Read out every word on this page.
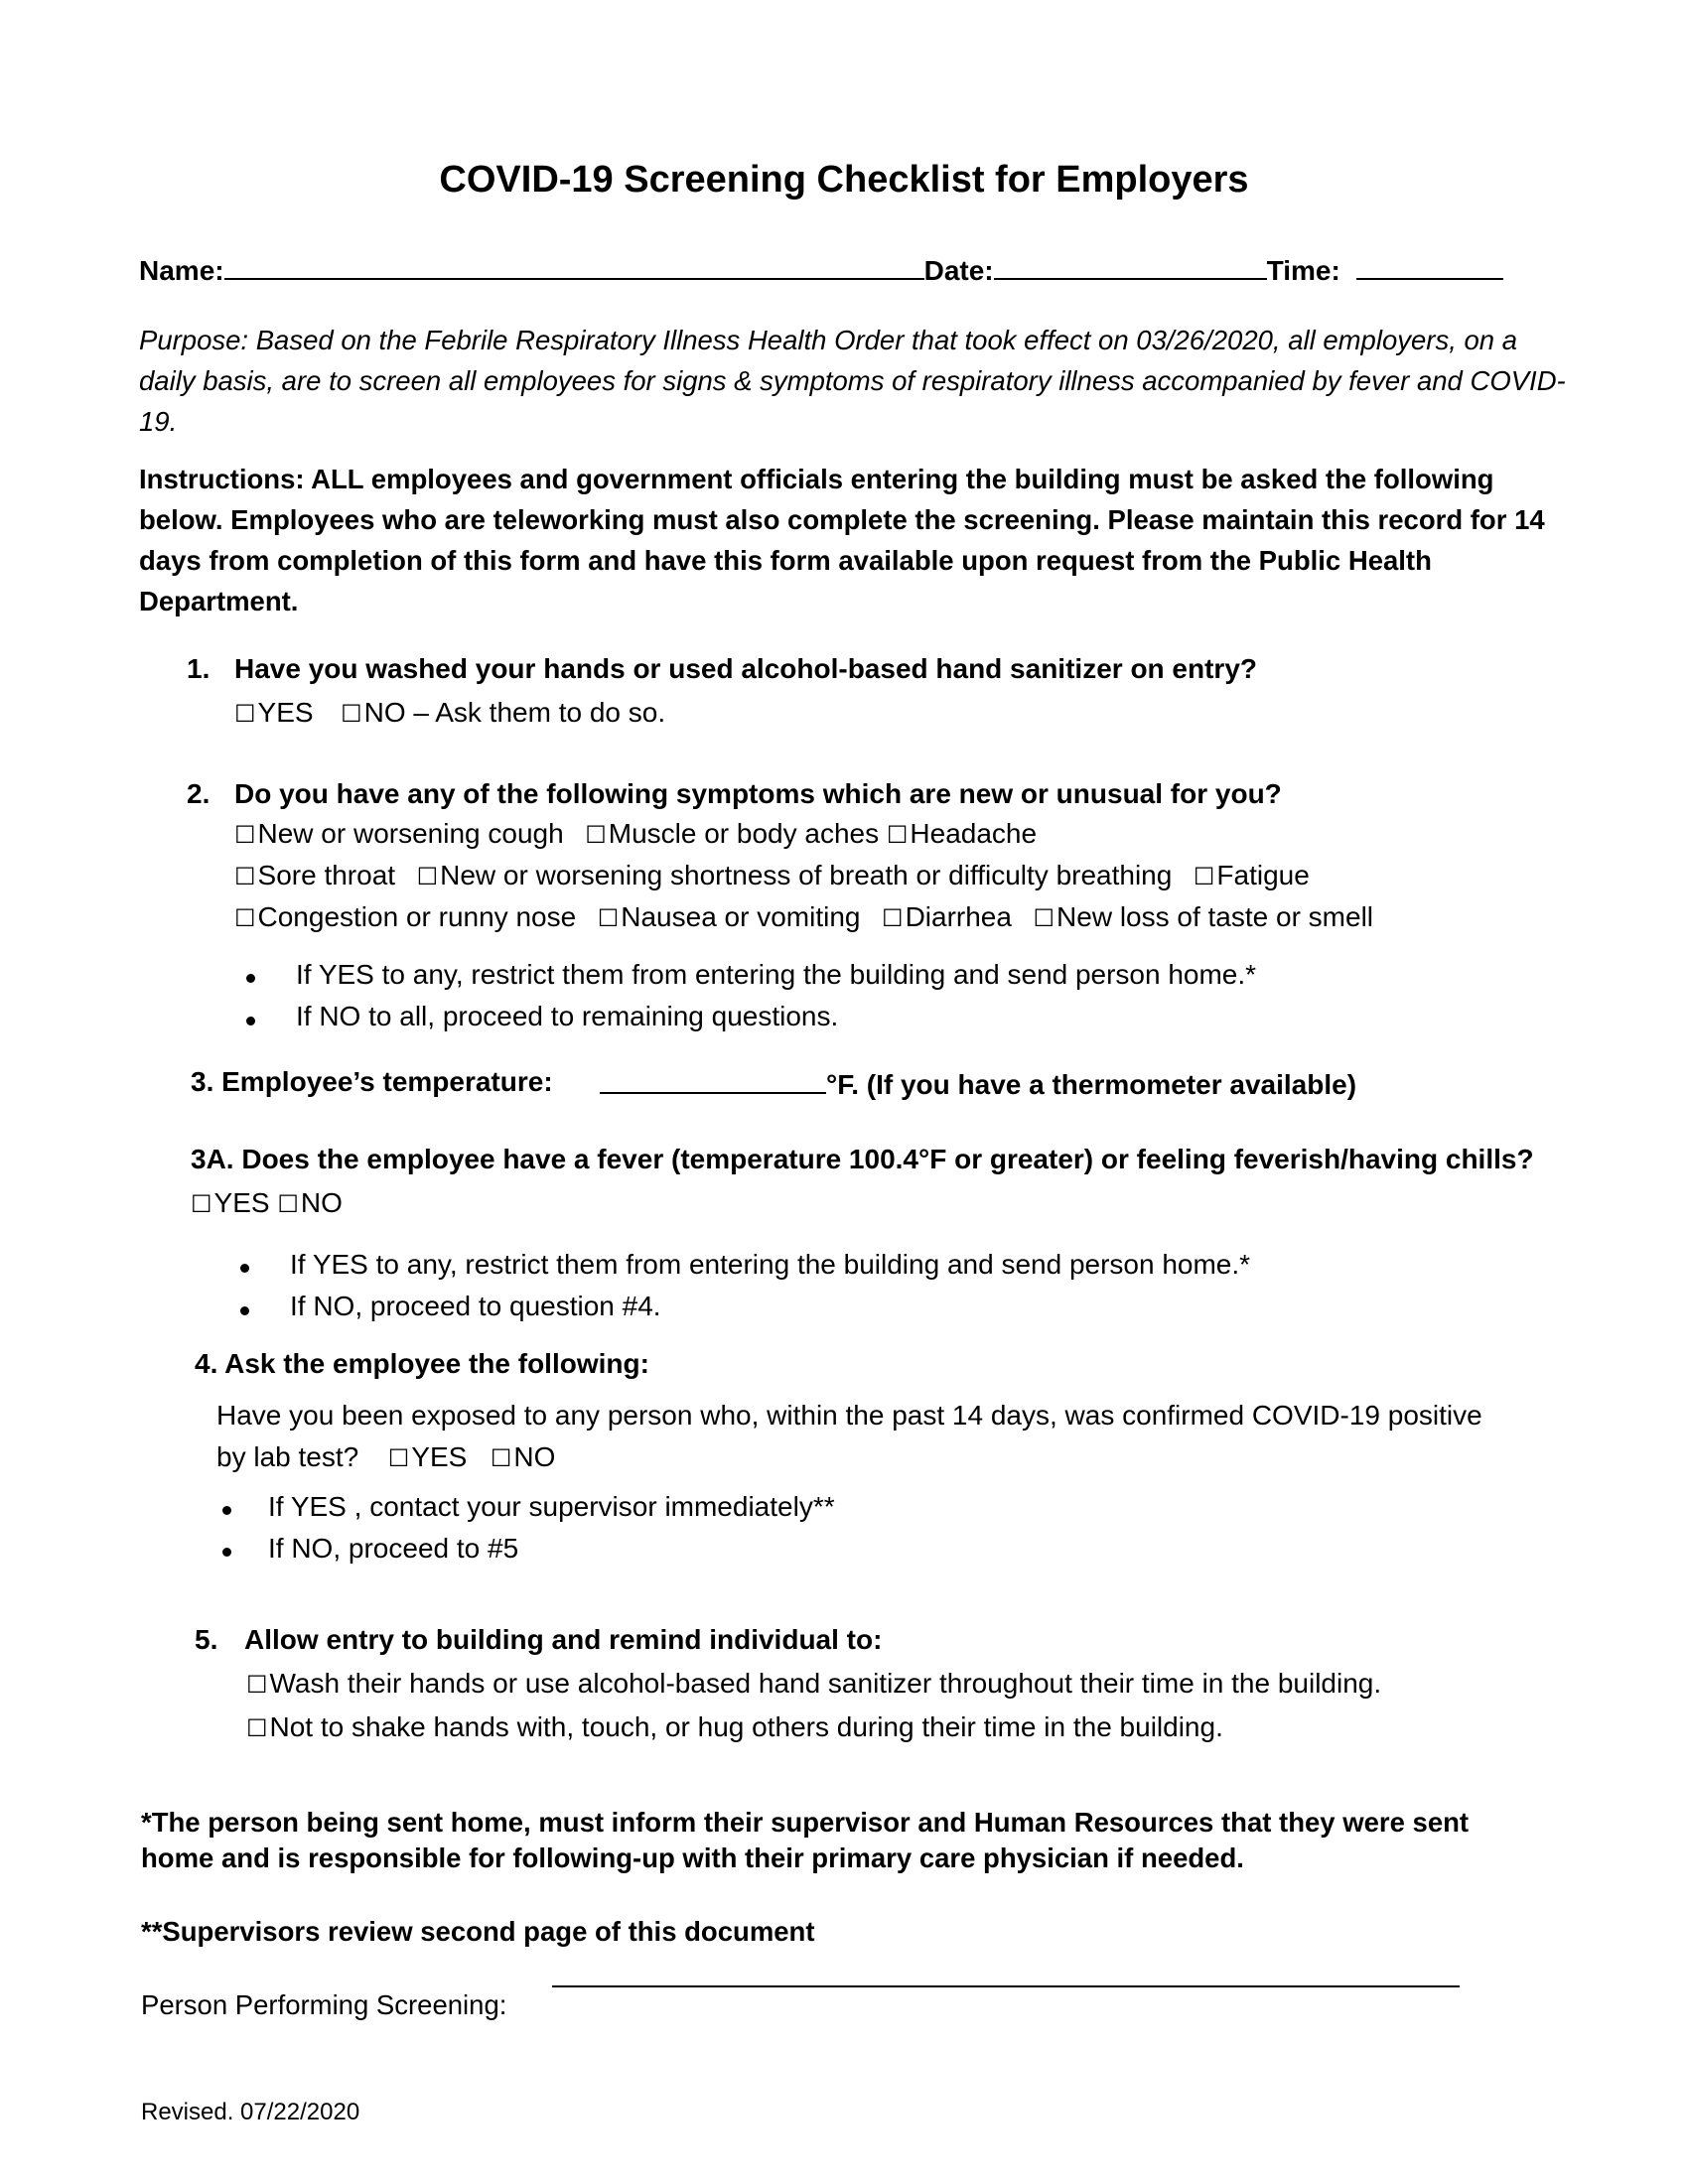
COVID-19 Screening Checklist for Employers
Name:	Date:	Time:
Purpose: Based on the Febrile Respiratory Illness Health Order that took effect on 03/26/2020, all employers, on a daily basis, are to screen all employees for signs & symptoms of respiratory illness accompanied by fever and COVID-19.
Instructions: ALL employees and government officials entering the building must be asked the following below. Employees who are teleworking must also complete the screening. Please maintain this record for 14 days from completion of this form and have this form available upon request from the Public Health Department.
1. Have you washed your hands or used alcohol-based hand sanitizer on entry?
☐YES ☐NO – Ask them to do so.
2. Do you have any of the following symptoms which are new or unusual for you?
☐New or worsening cough ☐Muscle or body aches ☐Headache
☐Sore throat ☐New or worsening shortness of breath or difficulty breathing ☐Fatigue
☐Congestion or runny nose ☐Nausea or vomiting ☐Diarrhea ☐New loss of taste or smell
If YES to any, restrict them from entering the building and send person home.*
If NO to all, proceed to remaining questions.
3. Employee’s temperature:	°F. (If you have a thermometer available)
3A. Does the employee have a fever (temperature 100.4°F or greater) or feeling feverish/having chills?
☐YES ☐NO
If YES to any, restrict them from entering the building and send person home.*
If NO, proceed to question #4.
4. Ask the employee the following:
Have you been exposed to any person who, within the past 14 days, was confirmed COVID-19 positive
by lab test? ☐YES ☐NO
If YES , contact your supervisor immediately**
If NO, proceed to #5
5. Allow entry to building and remind individual to:
☐Wash their hands or use alcohol-based hand sanitizer throughout their time in the building.
☐Not to shake hands with, touch, or hug others during their time in the building.
*The person being sent home, must inform their supervisor and Human Resources that they were sent
home and is responsible for following-up with their primary care physician if needed.
**Supervisors review second page of this document
Person Performing Screening:
Revised. 07/22/2020
